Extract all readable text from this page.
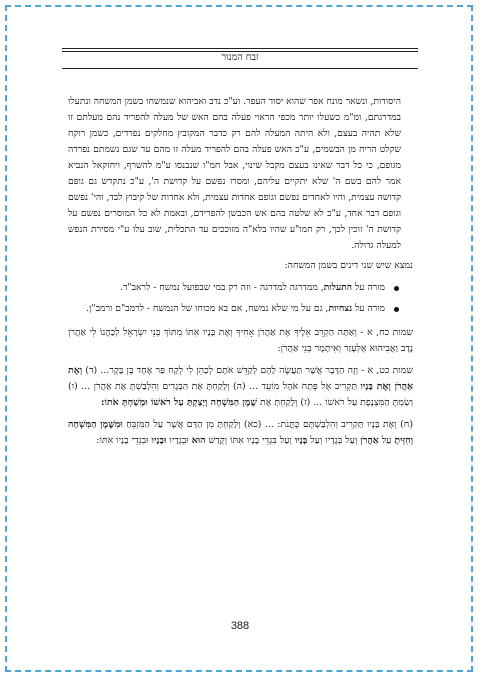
זבח המנור

היסודות, ונשאר מונח אפר שהוא יסוד העפר. וע"כ נדב ואביהוא שנמשחו בשמן המשחה ונתעלו במדרגתם, ומ"מ כשעלו יותר מכפי הראוי פעלה בהם האש של מעלה להפריד נהם מעלתם זו שלא תהיה בעצם, ולא היתה המעלה להם רק כדבר המקובץ מחלקים נפרדים, כשמן רוקח שקלט הריח מן הבשמים, ע"כ האש פעלה בהם להפריד מעלה זו מהם עד שגם נשמתם נפרדה מגופם, כי כל דבר שאינו בעצם מקבל שינוי, אבל חמ"ו שנבנסו ע"מ להשרף, ויחזקאל הנביא אמר להם בשם ה' שלא יתקיים עליהם, ומסרו נפשם על קדושת ה', ע"כ נתקדש גם גופם קדושה עצמית, והיו לאחדים נפשם וגופם אחדות עצמית, ולא אחדות של קיבוץ לבד, והי' נפשם וגופם דבר אחד, ע"כ לא שלטה בהם אש הכבשן להפרידם, ובאמת לא כל המוסרים נפשם על קדושת ה' זוכין לכך, רק חמו"ע שהיו בלא"ה מזוככים עד התכלית, שוב עלו ע"י מסירת הנפש למעלה גדולה.

נמצא שיש שני דינים בשמן המשחה:

מורה על התעלות, ממדרגה למדרגה - וזה רק במי שבפועל נמשח - לראב"ד.
מורה על נצחיות, גם על מי שלא נמשח, אם בא מכוחו של הנמשח - לרמב"ם ורמב"ן.

שמות כח, א - וְאַתָּה הַקְרֵב אֵלֶיךָ אֶת אַהֲרֹן אָחִיךָ וְאֶת בָּנָיו אִתּוֹ מִתּוֹךְ בְּנֵי יִשְׂרָאֵל לְכַהֲנוֹ לִי אַהֲרֹן נָדָב וַאֲבִיהוּא אֶלְעָזָר וְאִיתָמָר בְּנֵי אַהֲרֹן:

שמות כט, א - וְזֶה הַדָּבָר אֲשֶׁר תַּעֲשֶׂה לָהֶם לְקַדֵּשׁ אֹתָם לְכַהֵן לִי לְקַח פַּר אֶחָד בֶּן בָּקָר... (ד) וְאֶת אַהֲרֹן וְאֶת בָּנָיו תַּקְרִיב אֶל פֶּתַח אֹהֶל מוֹעֵד ... (ה) וְלָקַחְתָּ אֶת הַבְּגָדִים וְהִלְבַּשְׁתָּ אֶת אַהֲרֹן ... (ו) וְשַׂמְתָּ הַמִּצְנֶפֶת עַל רֹאשׁוֹ ... (ז) וְלָקַחְתָּ אֶת שֶׁמֶן הַמִּשְׁחָה וְיָצַקְתָּ עַל רֹאשׁוֹ וּמָשַׁחְתָּ אֹתוֹ:

(ח) וְאֶת בָּנָיו תַּקְרִיב וְהִלְבַּשְׁתָּם כֻּתֳּנֹת: ... (כא) וְלָקַחְתָּ מִן הַדָּם אֲשֶׁר עַל הַמִּזְבֵּחַ וּמִשֶּׁמֶן הַמִּשְׁחָה וְהִזֵּיתָ עַל אַהֲרֹן וְעַל בְּגָדָיו וְעַל בָּנָיו וְעַל בִּגְדֵי בָנָיו אִתּוֹ וְקָדַשׁ הוּא וּבְגָדָיו וּבָנָיו וּבִגְדֵי בָנָיו אִתּוֹ:

388
